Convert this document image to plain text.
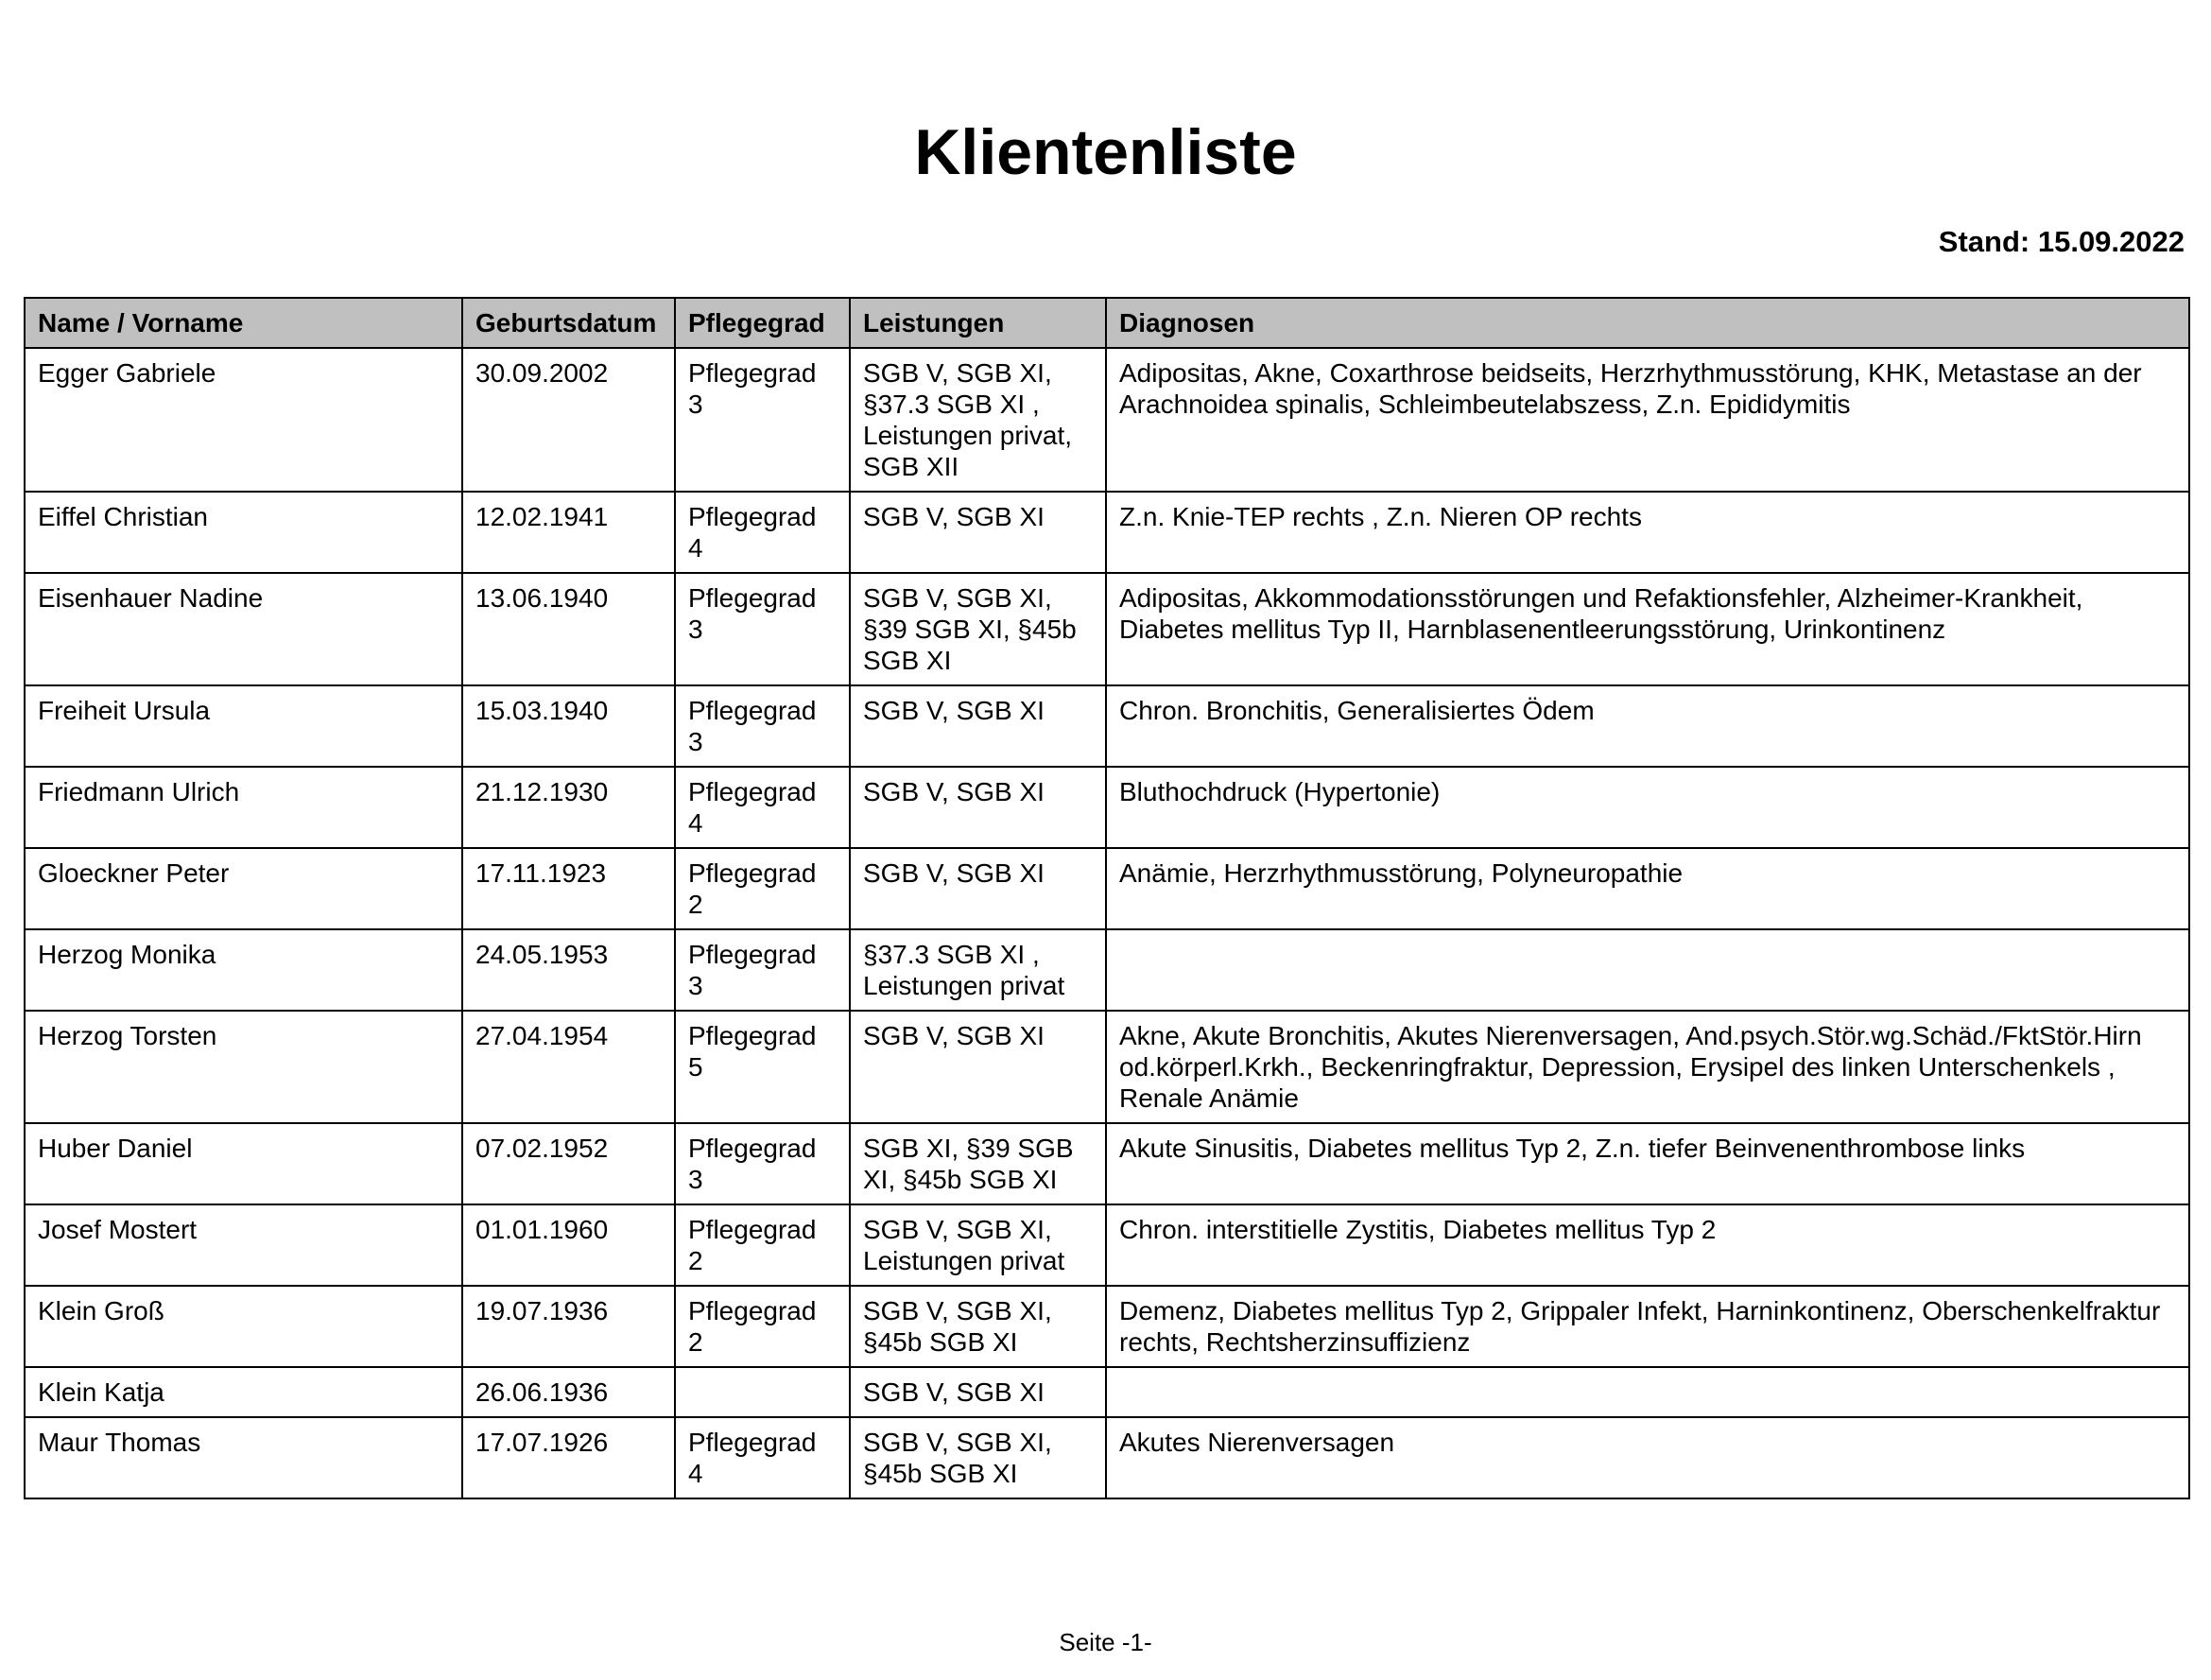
Klientenliste
Stand: 15.09.2022
Name / Vorname	Geburtsdatum	Pflegegrad	Leistungen	Diagnosen
Egger Gabriele	30.09.2002	Pflegegrad 3	SGB V, SGB XI, §37.3 SGB XI , Leistungen privat, SGB XII	Adipositas, Akne, Coxarthrose beidseits, Herzrhythmusstörung, KHK, Metastase an der Arachnoidea spinalis, Schleimbeutelabszess, Z.n. Epididymitis
Eiffel Christian	12.02.1941	Pflegegrad 4	SGB V, SGB XI	Z.n. Knie-TEP rechts , Z.n. Nieren OP rechts
Eisenhauer Nadine	13.06.1940	Pflegegrad 3	SGB V, SGB XI, §39 SGB XI, §45b SGB XI	Adipositas, Akkommodationsstörungen und Refaktionsfehler, Alzheimer-Krankheit, Diabetes mellitus Typ II, Harnblasenentleerungsstörung, Urinkontinenz
Freiheit Ursula	15.03.1940	Pflegegrad 3	SGB V, SGB XI	Chron. Bronchitis, Generalisiertes Ödem
Friedmann Ulrich	21.12.1930	Pflegegrad 4	SGB V, SGB XI	Bluthochdruck (Hypertonie)
Gloeckner Peter	17.11.1923	Pflegegrad 2	SGB V, SGB XI	Anämie, Herzrhythmusstörung, Polyneuropathie
Herzog Monika	24.05.1953	Pflegegrad 3	§37.3 SGB XI , Leistungen privat	
Herzog Torsten	27.04.1954	Pflegegrad 5	SGB V, SGB XI	Akne, Akute Bronchitis, Akutes Nierenversagen, And.psych.Stör.wg.Schäd./FktStör.Hirn od.körperl.Krkh., Beckenringfraktur, Depression, Erysipel des linken Unterschenkels , Renale Anämie
Huber Daniel	07.02.1952	Pflegegrad 3	SGB XI, §39 SGB XI, §45b SGB XI	Akute Sinusitis, Diabetes mellitus Typ 2, Z.n. tiefer Beinvenenthrombose links
Josef Mostert	01.01.1960	Pflegegrad 2	SGB V, SGB XI, Leistungen privat	Chron. interstitielle Zystitis, Diabetes mellitus Typ 2
Klein Groß	19.07.1936	Pflegegrad 2	SGB V, SGB XI, §45b SGB XI	Demenz, Diabetes mellitus Typ 2, Grippaler Infekt, Harninkontinenz, Oberschenkelfraktur rechts, Rechtsherzinsuffizienz
Klein Katja	26.06.1936		SGB V, SGB XI	
Maur Thomas	17.07.1926	Pflegegrad 4	SGB V, SGB XI, §45b SGB XI	Akutes Nierenversagen
Seite -1-
